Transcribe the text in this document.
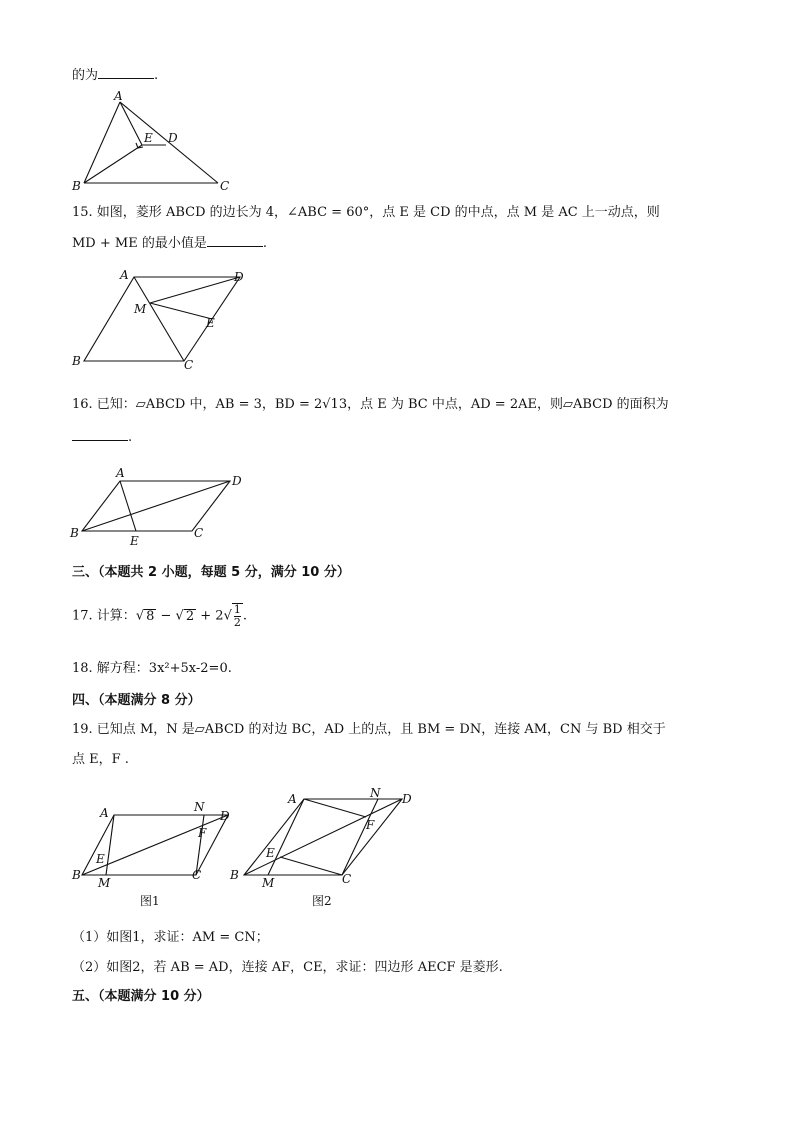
的为	.
A
E D
B	C
15. 如图，菱形 ABCD 的边长为 4，∠ABC = 60°，点 E 是 CD 的中点，点 M 是 AC 上一动点，则
MD + ME 的最小值是	.
A	D
M
E
B	C
16. 已知：▱ABCD 中，AB = 3，BD = 2√13，点 E 为 BC 中点，AD = 2AE，则▱ABCD 的面积为
.
A
D
B
E
C
三、（本题共 2 小题，每题 5 分，满分 10 分）
17. 计算：√ 8 − √ $2 + 2√ \frac{1}{2}$ .
18. 解方程：3x²+5x-2=0.
四、（本题满分 8 分）
19. 已知点 M，N 是▱ABCD 的对边 BC，AD 上的点，且 BM = DN，连接 AM，CN 与 BD 相交于
点 E，F .
A	N
D
F
E
B
M
C
图1
A	N D
F
E
B
M	C
图2
（1）如图1，求证：AM = CN；
（2）如图2，若 AB = AD，连接 AF，CE，求证：四边形 AECF 是菱形.
五、（本题满分 10 分）
